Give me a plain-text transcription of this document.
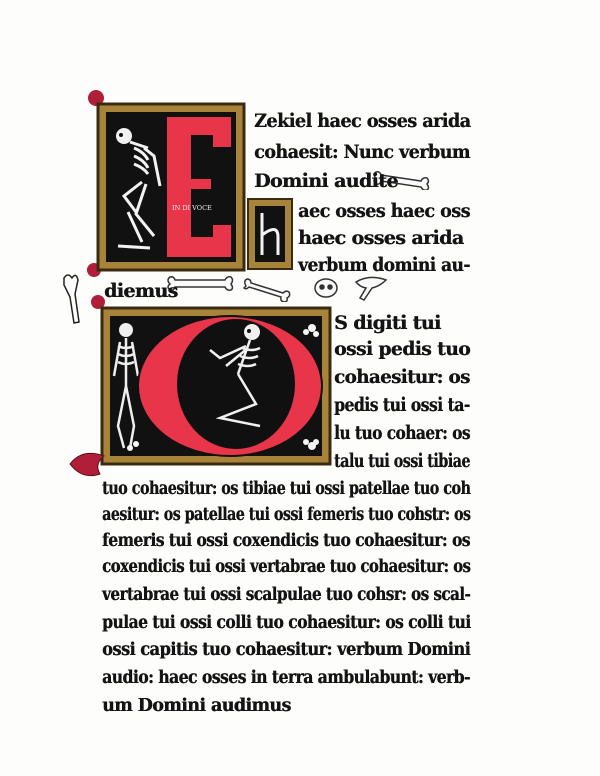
IN DI VOCE
Zekiel haec osses arida
cohaesit: Nunc verbum
Domini audite
aec osses haec oss
haec osses arida
verbum domini au-
diemus
S digiti tui
ossi pedis tuo
cohaesitur: os
pedis tui ossi ta-
lu tuo cohaer: os
talu tui ossi tibiae
tuo cohaesitur: os tibiae tui ossi patellae tuo coh
aesitur: os patellae tui ossi femeris tuo cohstr: os
femeris tui ossi coxendicis tuo cohaesitur: os
coxendicis tui ossi vertabrae tuo cohaesitur: os
vertabrae tui ossi scalpulae tuo cohsr: os scal-
pulae tui ossi colli tuo cohaesitur: os colli tui
ossi capitis tuo cohaesitur: verbum Domini
audio: haec osses in terra ambulabunt: verb-
um Domini audimus
